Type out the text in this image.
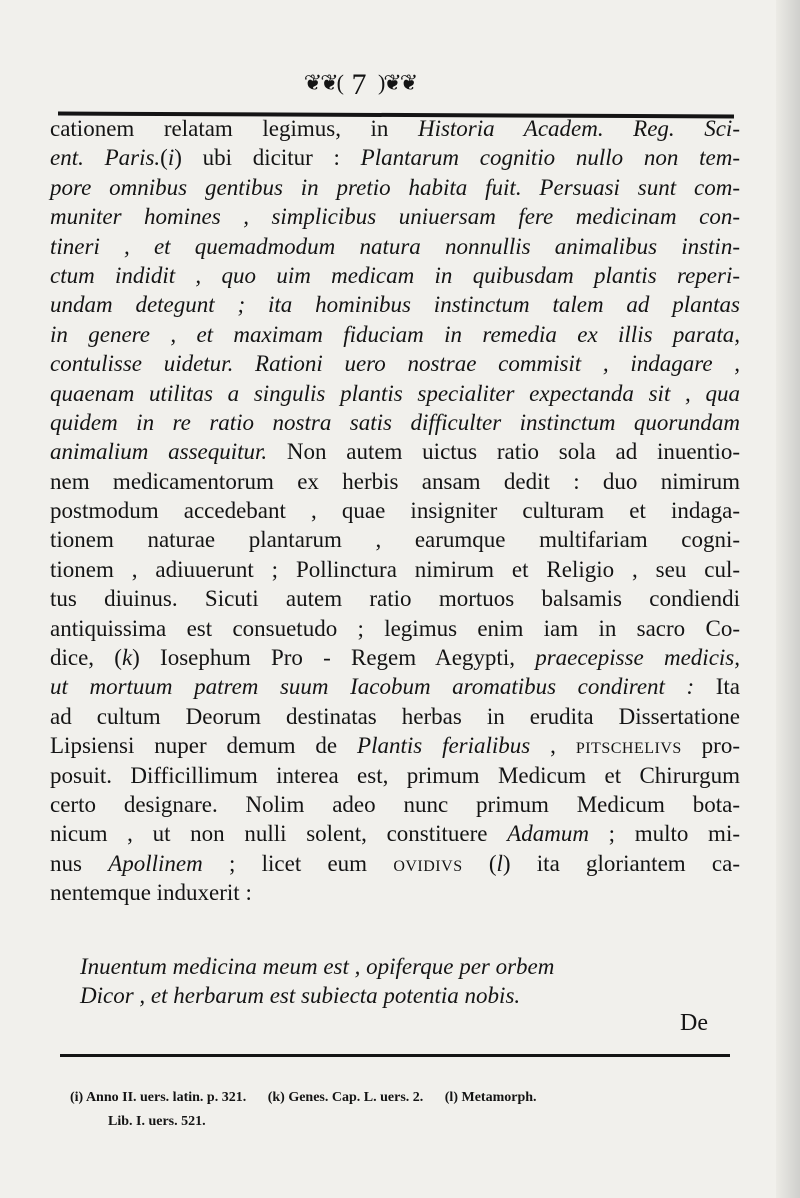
❦❦( 7 )❦❦
cationem relatam legimus, in Historia Academ. Reg. Sci-
ent. Paris.(i) ubi dicitur : Plantarum cognitio nullo non tem-
pore omnibus gentibus in pretio habita fuit. Persuasi sunt com-
muniter homines , simplicibus uniuersam fere medicinam con-
tineri , et quemadmodum natura nonnullis animalibus instin-
ctum indidit , quo uim medicam in quibusdam plantis reperi-
undam detegunt ; ita hominibus instinctum talem ad plantas
in genere , et maximam fiduciam in remedia ex illis parata,
contulisse uidetur. Rationi uero nostrae commisit , indagare ,
quaenam utilitas a singulis plantis specialiter expectanda sit , qua
quidem in re ratio nostra satis difficulter instinctum quorundam
animalium assequitur. Non autem uictus ratio sola ad inuentio-
nem medicamentorum ex herbis ansam dedit : duo nimirum
postmodum accedebant , quae insigniter culturam et indaga-
tionem naturae plantarum , earumque multifariam cogni-
tionem , adiuuerunt ; Pollinctura nimirum et Religio , seu cul-
tus diuinus. Sicuti autem ratio mortuos balsamis condiendi
antiquissima est consuetudo ; legimus enim iam in sacro Co-
dice, (k) Iosephum Pro - Regem Aegypti, praecepisse medicis,
ut mortuum patrem suum Iacobum aromatibus condirent : Ita
ad cultum Deorum destinatas herbas in erudita Dissertatione
Lipsiensi nuper demum de Plantis ferialibus , pitschelivs pro-
posuit. Difficillimum interea est, primum Medicum et Chirurgum
certo designare. Nolim adeo nunc primum Medicum bota-
nicum , ut non nulli solent, constituere Adamum ; multo mi-
nus Apollinem ; licet eum ovidivs (l) ita gloriantem ca-
nentemque induxerit :
Inuentum medicina meum est , opiferque per orbem
Dicor , et herbarum est subiecta potentia nobis.
De
(i) Anno II. uers. latin. p. 321. (k) Genes. Cap. L. uers. 2. (l) Metamorph.
Lib. I. uers. 521.
